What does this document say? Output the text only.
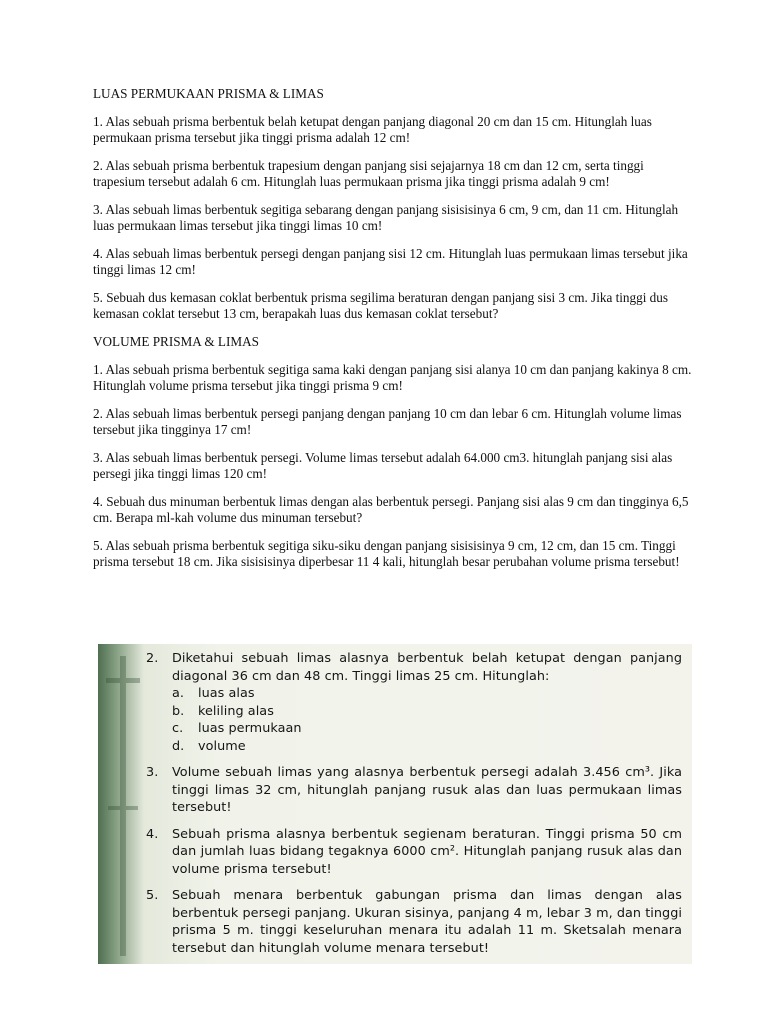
LUAS PERMUKAAN PRISMA & LIMAS

1. Alas sebuah prisma berbentuk belah ketupat dengan panjang diagonal 20 cm dan 15 cm. Hitunglah luas permukaan prisma tersebut jika tinggi prisma adalah 12 cm!

2. Alas sebuah prisma berbentuk trapesium dengan panjang sisi sejajarnya 18 cm dan 12 cm, serta tinggi trapesium tersebut adalah 6 cm. Hitunglah luas permukaan prisma jika tinggi prisma adalah 9 cm!

3. Alas sebuah limas berbentuk segitiga sebarang dengan panjang sisisisinya 6 cm, 9 cm, dan 11 cm. Hitunglah luas permukaan limas tersebut jika tinggi limas 10 cm!

4. Alas sebuah limas berbentuk persegi dengan panjang sisi 12 cm. Hitunglah luas permukaan limas tersebut jika tinggi limas 12 cm!

5. Sebuah dus kemasan coklat berbentuk prisma segilima beraturan dengan panjang sisi 3 cm. Jika tinggi dus kemasan coklat tersebut 13 cm, berapakah luas dus kemasan coklat tersebut?

VOLUME PRISMA & LIMAS

1. Alas sebuah prisma berbentuk segitiga sama kaki dengan panjang sisi alanya 10 cm dan panjang kakinya 8 cm. Hitunglah volume prisma tersebut jika tinggi prisma 9 cm!

2. Alas sebuah limas berbentuk persegi panjang dengan panjang 10 cm dan lebar 6 cm. Hitunglah volume limas tersebut jika tingginya 17 cm!

3. Alas sebuah limas berbentuk persegi. Volume limas tersebut adalah 64.000 cm3. hitunglah panjang sisi alas persegi jika tinggi limas 120 cm!

4. Sebuah dus minuman berbentuk limas dengan alas berbentuk persegi. Panjang sisi alas 9 cm dan tingginya 6,5 cm. Berapa ml-kah volume dus minuman tersebut?

5. Alas sebuah prisma berbentuk segitiga siku-siku dengan panjang sisisisinya 9 cm, 12 cm, dan 15 cm. Tinggi prisma tersebut 18 cm. Jika sisisisinya diperbesar 11 4 kali, hitunglah besar perubahan volume prisma tersebut!

2.	Diketahui sebuah limas alasnya berbentuk belah ketupat dengan panjang diagonal 36 cm dan 48 cm. Tinggi limas 25 cm. Hitunglah:
a.	luas alas
b.	keliling alas
c.	luas permukaan
d.	volume
3.	Volume sebuah limas yang alasnya berbentuk persegi adalah 3.456 cm³. Jika tinggi limas 32 cm, hitunglah panjang rusuk alas dan luas permukaan limas tersebut!
4.	Sebuah prisma alasnya berbentuk segienam beraturan. Tinggi prisma 50 cm dan jumlah luas bidang tegaknya 6000 cm². Hitunglah panjang rusuk alas dan volume prisma tersebut!
5.	Sebuah menara berbentuk gabungan prisma dan limas dengan alas berbentuk persegi panjang. Ukuran sisinya, panjang 4 m, lebar 3 m, dan tinggi prisma 5 m. tinggi keseluruhan menara itu adalah 11 m. Sketsalah menara tersebut dan hitunglah volume menara tersebut!
